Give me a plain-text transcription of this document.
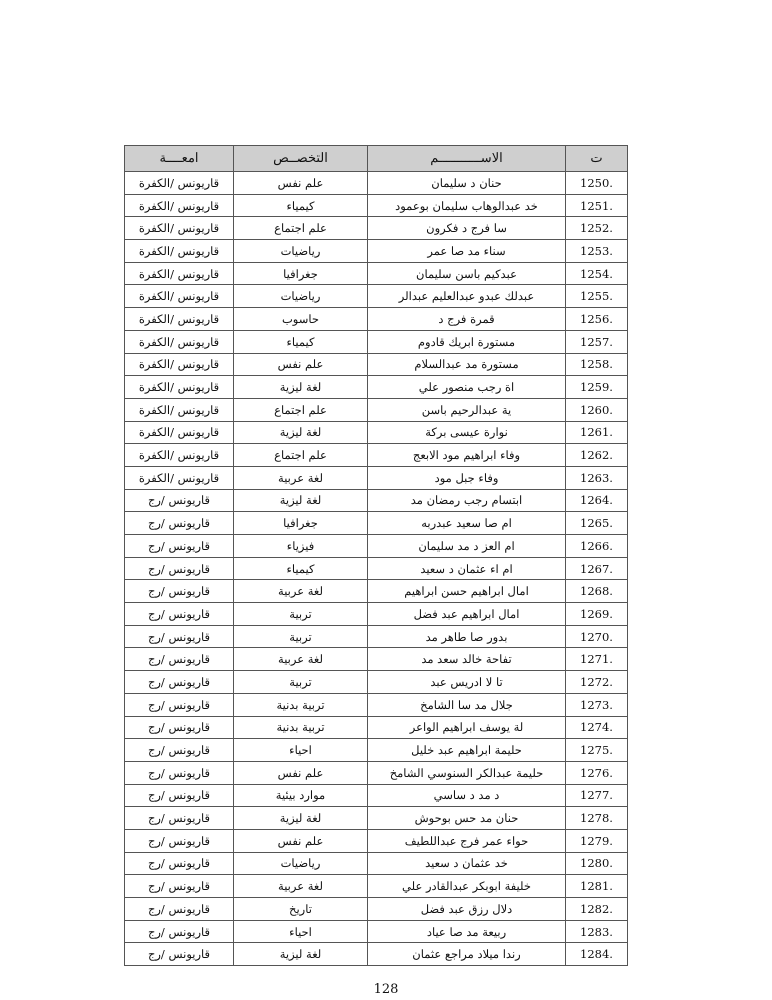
ت	الاســـــــــــم	التخصــص	امعــــة
1250.	حنان د سليمان	علم نفس	قاريونس /الكفرة
1251.	خد عبدالوهاب سليمان بوعمود	كيمياء	قاريونس /الكفرة
1252.	سا فرج د فكرون	علم اجتماع	قاريونس /الكفرة
1253.	سناء مد صا عمر	رياضيات	قاريونس /الكفرة
1254.	عبدكيم باسن سليمان	جغرافيا	قاريونس /الكفرة
1255.	عبدلك عبدو عبدالعليم عبدالر	رياضيات	قاريونس /الكفرة
1256.	قمرة فرج د	حاسوب	قاريونس /الكفرة
1257.	مستورة ابريك قادوم	كيمياء	قاريونس /الكفرة
1258.	مستورة مد عبدالسلام	علم نفس	قاريونس /الكفرة
1259.	اة رجب منصور علي	لغة ليزية	قاريونس /الكفرة
1260.	ية عبدالرحيم باسن	علم اجتماع	قاريونس /الكفرة
1261.	نوارة عيسى بركة	لغة ليزية	قاريونس /الكفرة
1262.	وفاء ابراهيم مود الابعج	علم اجتماع	قاريونس /الكفرة
1263.	وفاء جبل مود	لغة عربية	قاريونس /الكفرة
1264.	ابتسام رجب رمضان مد	لغة ليزية	قاريونس /رج
1265.	ام صا سعيد عبدربه	جغرافيا	قاريونس /رج
1266.	ام العز د مد سليمان	فيزياء	قاريونس /رج
1267.	ام اء عثمان د سعيد	كيمياء	قاريونس /رج
1268.	امال ابراهيم حسن ابراهيم	لغة عربية	قاريونس /رج
1269.	امال ابراهيم عبد فضل	تربية	قاريونس /رج
1270.	بدور صا طاهر مد	تربية	قاريونس /رج
1271.	تفاحة خالد سعد مد	لغة عربية	قاريونس /رج
1272.	تا لا ادريس عبد	تربية	قاريونس /رج
1273.	جلال مد سا الشامخ	تربية بدنية	قاريونس /رج
1274.	لة يوسف ابراهيم الواعر	تربية بدنية	قاريونس /رج
1275.	حليمة ابراهيم عبد خليل	احياء	قاريونس /رج
1276.	حليمة عبدالكر السنوسي الشامخ	علم نفس	قاريونس /رج
1277.	د مد د ساسي	موارد بيئية	قاريونس /رج
1278.	حنان مد حس بوحوش	لغة ليزية	قاريونس /رج
1279.	حواء عمر فرج عبداللطيف	علم نفس	قاريونس /رج
1280.	خد عثمان د سعيد	رياضيات	قاريونس /رج
1281.	خليفة ابوبكر عبدالقادر علي	لغة عربية	قاريونس /رج
1282.	دلال رزق عبد فضل	تاريخ	قاريونس /رج
1283.	ربيعة مد صا عياد	احياء	قاريونس /رج
1284.	رندا ميلاد مراجع عثمان	لغة ليزية	قاريونس /رج
128
